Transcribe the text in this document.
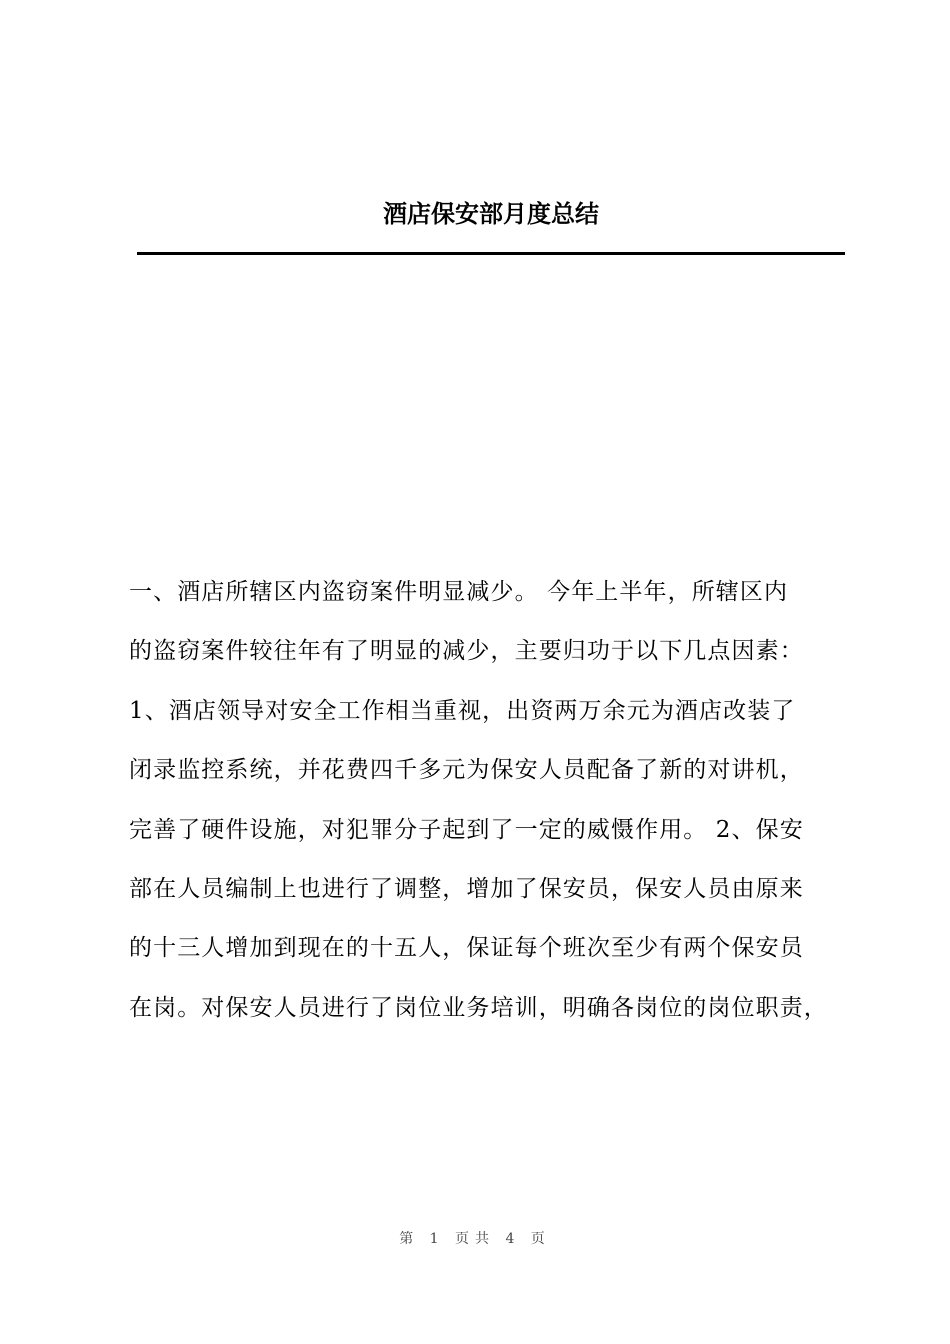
酒店保安部月度总结
一、酒店所辖区内盗窃案件明显减少。 今年上半年，所辖区内
的盗窃案件较往年有了明显的减少，主要归功于以下几点因素：
1、酒店领导对安全工作相当重视，出资两万余元为酒店改装了
闭录监控系统，并花费四千多元为保安人员配备了新的对讲机，
完善了硬件设施，对犯罪分子起到了一定的威慑作用。 2、保安
部在人员编制上也进行了调整，增加了保安员，保安人员由原来
的十三人增加到现在的十五人，保证每个班次至少有两个保安员
在岗。对保安人员进行了岗位业务培训，明确各岗位的岗位职责，
第 1 页共 4 页
